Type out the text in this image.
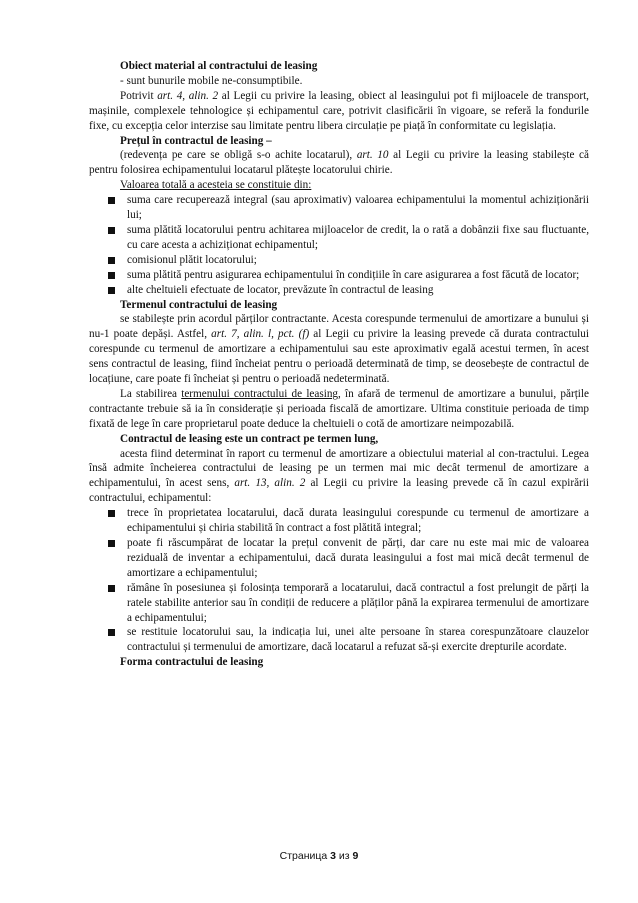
Obiect material al contractului de leasing

- sunt bunurile mobile ne-consumptibile.

Potrivit art. 4, alin. 2 al Legii cu privire la leasing, obiect al leasingului pot fi mijloacele de transport, mașinile, complexele tehnologice și echipamentul care, potrivit clasificării în vigoare, se referă la fondurile fixe, cu excepția celor interzise sau limitate pentru libera circulație pe piață în conformitate cu legislația.

Prețul în contractul de leasing –

(redevența pe care se obligă s-o achite locatarul), art. 10 al Legii cu privire la leasing stabilește că pentru folosirea echipamentului locatarul plătește locatorului chirie.

Valoarea totală a acesteia se constituie din:

suma care recuperează integral (sau aproximativ) valoarea echipamentului la momentul achiziționării lui;
suma plătită locatorului pentru achitarea mijloacelor de credit, la o rată a dobânzii fixe sau fluctuante, cu care acesta a achiziționat echipamentul;
comisionul plătit locatorului;
suma plătită pentru asigurarea echipamentului în condițiile în care asigurarea a fost făcută de locator;
alte cheltuieli efectuate de locator, prevăzute în contractul de leasing

Termenul contractului de leasing

se stabilește prin acordul părților contractante. Acesta corespunde termenului de amortizare a bunului și nu-1 poate depăși. Astfel, art. 7, alin. l, pct. (f) al Legii cu privire la leasing prevede că durata contractului corespunde cu termenul de amortizare a echipamentului sau este aproximativ egală acestui termen, în acest sens contractul de leasing, fiind încheiat pentru o perioadă determinată de timp, se deosebește de contractul de locațiune, care poate fi încheiat și pentru o perioadă nedeterminată.

La stabilirea termenului contractului de leasing, în afară de termenul de amortizare a bunului, părțile contractante trebuie să ia în considerație și perioada fiscală de amortizare. Ultima constituie perioada de timp fixată de lege în care proprietarul poate deduce la cheltuieli o cotă de amortizare neimpozabilă.

Contractul de leasing este un contract pe termen lung,

acesta fiind determinat în raport cu termenul de amortizare a obiectului material al con-tractului. Legea însă admite încheierea contractului de leasing pe un termen mai mic decât termenul de amortizare a echipamentului, în acest sens, art. 13, alin. 2 al Legii cu privire la leasing prevede că în cazul expirării contractului, echipamentul:

trece în proprietatea locatarului, dacă durata leasingului corespunde cu termenul de amortizare a echipamentului și chiria stabilită în contract a fost plătită integral;
poate fi răscumpărat de locatar la prețul convenit de părți, dar care nu este mai mic de valoarea reziduală de inventar a echipamentului, dacă durata leasingului a fost mai mică decât termenul de amortizare a echipamentului;
rămâne în posesiunea și folosința temporară a locatarului, dacă contractul a fost prelungit de părți la ratele stabilite anterior sau în condiții de reducere a plăților până la expirarea termenului de amortizare a echipamentului;
se restituie locatorului sau, la indicația lui, unei alte persoane în starea corespunzătoare clauzelor contractului și termenului de amortizare, dacă locatarul a refuzat să-și exercite drepturile acordate.

Forma contractului de leasing

Страница 3 из 9
